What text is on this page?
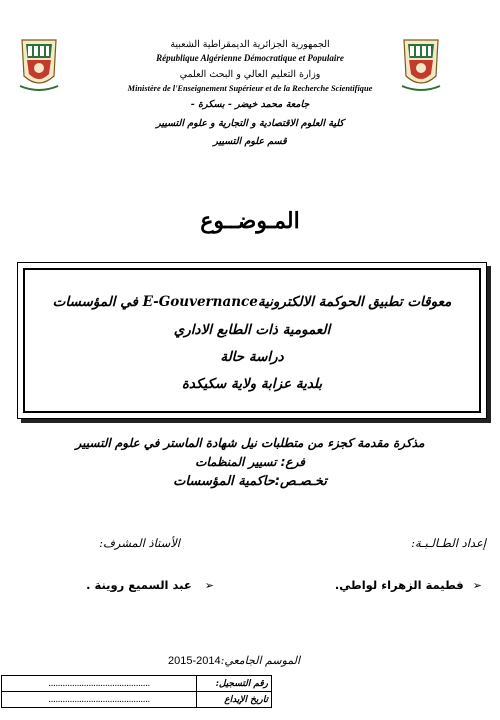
الجمهورية الجزائرية الديمقراطية الشعبية
République Algérienne Démocratique et Populaire
وزارة التعليم العالي و البحث العلمي
Ministère de l'Enseignement Supérieur et de la Recherche Scientifique
جامعة محمد خيضر - بسكرة -
كلية العلوم الاقتصادية و التجارية و علوم التسيير
قسم علوم التسيير
المـوضــوع
معوقات تطبيق الحوكمة الالكترونيةE-Gouvernance في المؤسسات
العمومية ذات الطابع الاداري
دراسة حالة
بلدية عزابة ولاية سكيكدة
مذكرة مقدمة كجزء من متطلبات نيل شهادة الماستر في علوم التسيير
فرع: تسيير المنظمات
تخـصـص:حاكمية المؤسسات
إعداد الطـالـبـة:
الأستاذ المشرف:
➢ فطيمة الزهراء لواطي.
➢ عبد السميع روينة .
الموسم الجامعي:2015-2014
...........................................	رقم التسجيل:
...........................................	تاريخ الإيداع
